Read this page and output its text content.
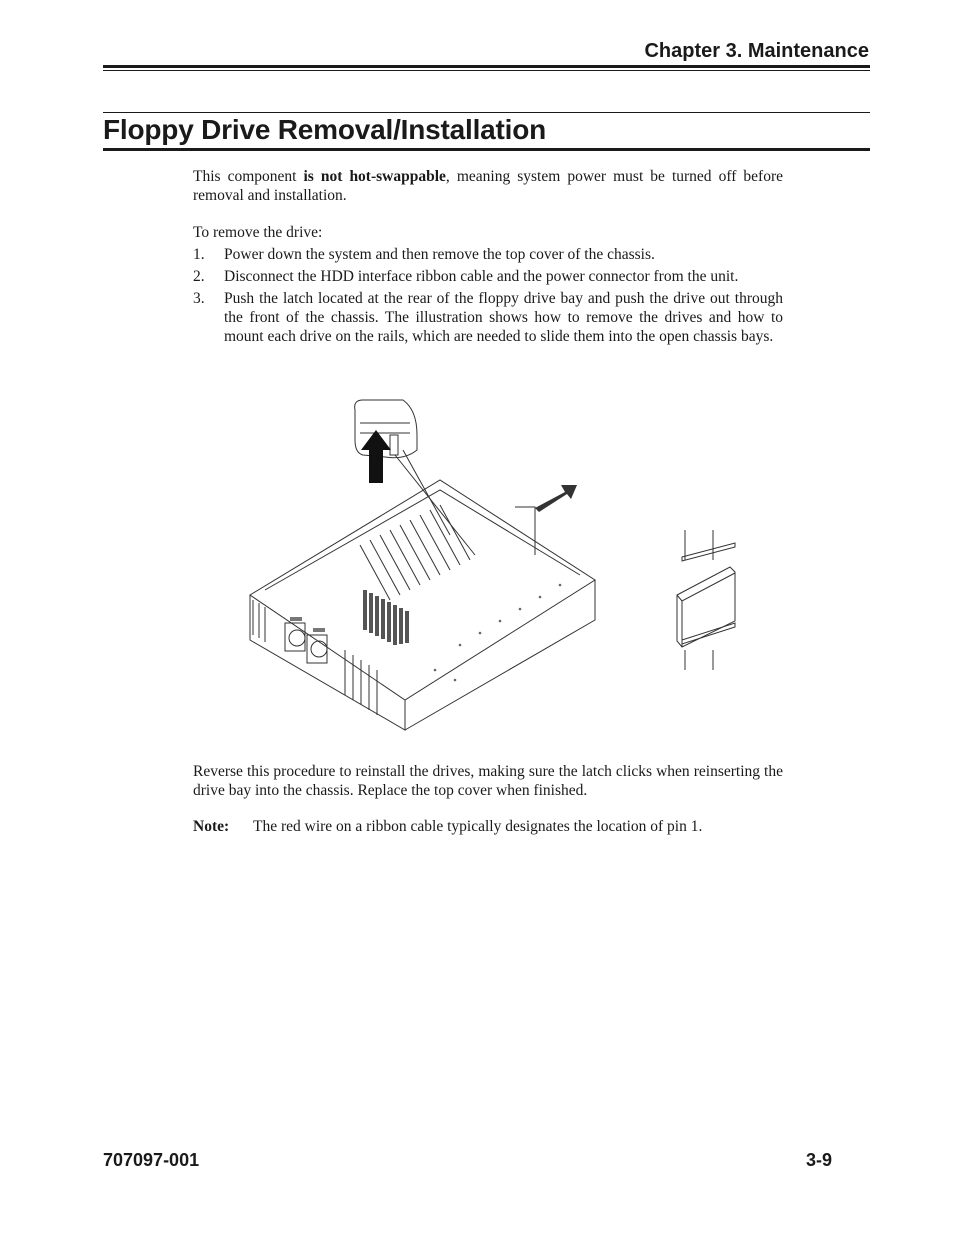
Chapter 3. Maintenance
Floppy Drive Removal/Installation

This component is not hot-swappable, meaning system power must be turned off before removal and installation.

To remove the drive:

1.	Power down the system and then remove the top cover of the chassis.
2.	Disconnect the HDD interface ribbon cable and the power connector from the unit.
3.	Push the latch located at the rear of the floppy drive bay and push the drive out through the front of the chassis. The illustration shows how to remove the drives and how to mount each drive on the rails, which are needed to slide them into the open chassis bays.

Reverse this procedure to reinstall the drives, making sure the latch clicks when reinserting the drive bay into the chassis. Replace the top cover when finished.

Note:	The red wire on a ribbon cable typically designates the location of pin 1.
707097-001	3-9
